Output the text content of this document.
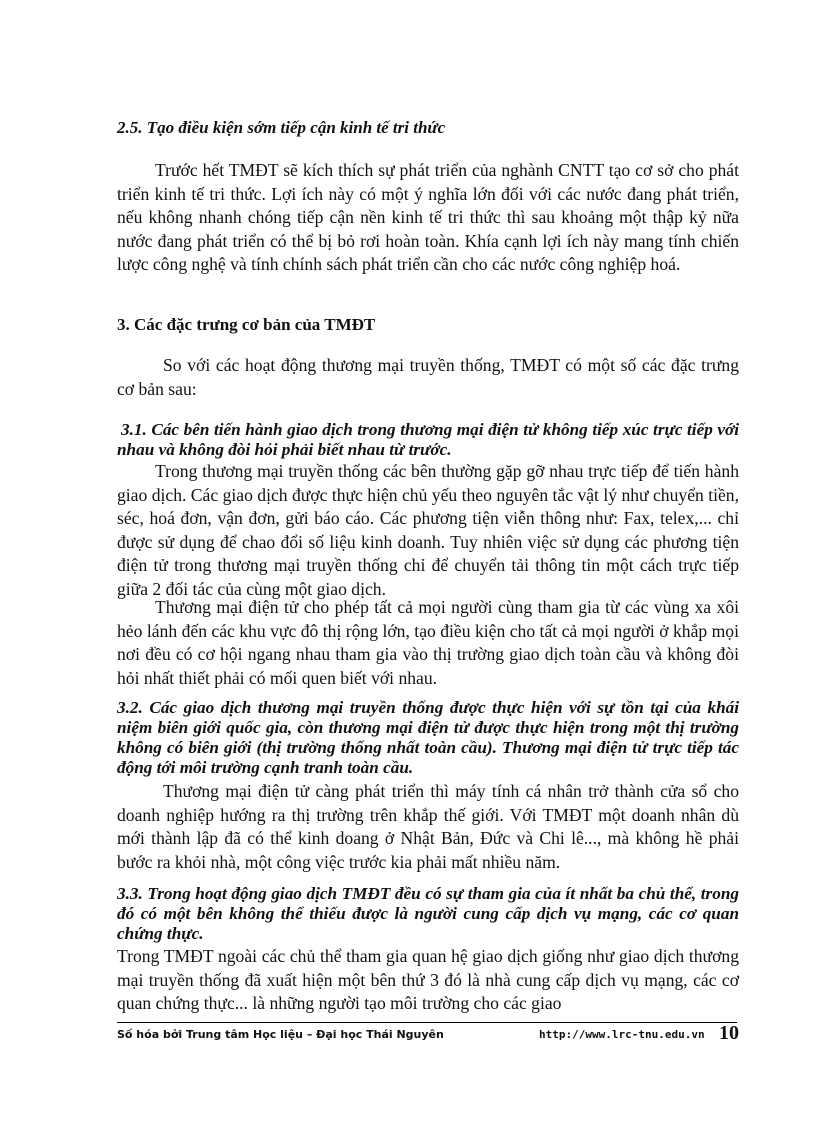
2.5. Tạo điều kiện sớm tiếp cận kinh tế tri thức
Trước hết TMĐT sẽ kích thích sự phát triển của nghành CNTT tạo cơ sở cho phát triển kinh tế tri thức. Lợi ích này có một ý nghĩa lớn đối với các nước đang phát triển, nếu không nhanh chóng tiếp cận nền kinh tế tri thức thì sau khoảng một thập kỷ nữa nước đang phát triển có thể bị bỏ rơi hoàn toàn. Khía cạnh lợi ích này mang tính chiến lược công nghệ và tính chính sách phát triển cần cho các nước công nghiệp hoá.
3. Các đặc trưng cơ bản của TMĐT
So với các hoạt động thương mại truyền thống, TMĐT có một số các đặc trưng cơ bản sau:
3.1. Các bên tiến hành giao dịch trong thương mại điện tử không tiếp xúc trực tiếp với nhau và không đòi hỏi phải biết nhau từ trước.
Trong thương mại truyền thống các bên thường gặp gỡ nhau trực tiếp để tiến hành giao dịch. Các giao dịch được thực hiện chủ yếu theo nguyên tắc vật lý như chuyển tiền, séc, hoá đơn, vận đơn, gửi báo cáo. Các phương tiện viễn thông như: Fax, telex,... chỉ được sử dụng để chao đổi số liệu kinh doanh. Tuy nhiên việc sử dụng các phương tiện điện tử trong thương mại truyền thống chỉ để chuyển tải thông tin một cách trực tiếp giữa 2 đối tác của cùng một giao dịch.
Thương mại điện tử cho phép tất cả mọi người cùng tham gia từ các vùng xa xôi hẻo lánh đến các khu vực đô thị rộng lớn, tạo điều kiện cho tất cả mọi người ở khắp mọi nơi đều có cơ hội ngang nhau tham gia vào thị trường giao dịch toàn cầu và không đòi hỏi nhất thiết phải có mối quen biết với nhau.
3.2. Các giao dịch thương mại truyền thống được thực hiện với sự tồn tại của khái niệm biên giới quốc gia, còn thương mại điện tử được thực hiện trong một thị trường không có biên giới (thị trường thống nhất toàn cầu). Thương mại điện tử trực tiếp tác động tới môi trường cạnh tranh toàn cầu.
Thương mại điện tử càng phát triển thì máy tính cá nhân trở thành cửa sổ cho doanh nghiệp hướng ra thị trường trên khắp thế giới. Với TMĐT một doanh nhân dù mới thành lập đã có thể kinh doang ở Nhật Bản, Đức và Chi lê..., mà không hề phải bước ra khỏi nhà, một công việc trước kia phải mất nhiều năm.
3.3. Trong hoạt động giao dịch TMĐT đều có sự tham gia của ít nhất ba chủ thể, trong đó có một bên không thể thiếu được là người cung cấp dịch vụ mạng, các cơ quan chứng thực.
Trong TMĐT ngoài các chủ thể tham gia quan hệ giao dịch giống như giao dịch thương mại truyền thống đã xuất hiện một bên thứ 3 đó là nhà cung cấp dịch vụ mạng, các cơ quan chứng thực... là những người tạo môi trường cho các giao
Số hóa bởi Trung tâm Học liệu – Đại học Thái Nguyên	http://www.lrc-tnu.edu.vn 10
